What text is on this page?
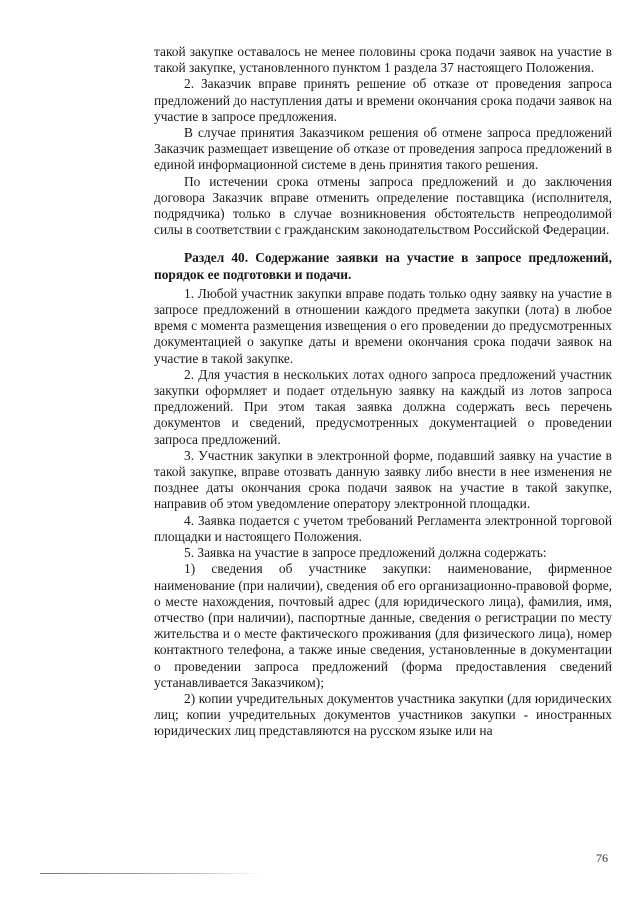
такой закупке оставалось не менее половины срока подачи заявок на участие в такой закупке, установленного пунктом 1 раздела 37 настоящего Положения.

2. Заказчик вправе принять решение об отказе от проведения запроса предложений до наступления даты и времени окончания срока подачи заявок на участие в запросе предложения.

В случае принятия Заказчиком решения об отмене запроса предложений Заказчик размещает извещение об отказе от проведения запроса предложений в единой информационной системе в день принятия такого решения.

По истечении срока отмены запроса предложений и до заключения договора Заказчик вправе отменить определение поставщика (исполнителя, подрядчика) только в случае возникновения обстоятельств непреодолимой силы в соответствии с гражданским законодательством Российской Федерации.

Раздел 40. Содержание заявки на участие в запросе предложений, порядок ее подготовки и подачи.

1. Любой участник закупки вправе подать только одну заявку на участие в запросе предложений в отношении каждого предмета закупки (лота) в любое время с момента размещения извещения о его проведении до предусмотренных документацией о закупке даты и времени окончания срока подачи заявок на участие в такой закупке.

2. Для участия в нескольких лотах одного запроса предложений участник закупки оформляет и подает отдельную заявку на каждый из лотов запроса предложений. При этом такая заявка должна содержать весь перечень документов и сведений, предусмотренных документацией о проведении запроса предложений.

3. Участник закупки в электронной форме, подавший заявку на участие в такой закупке, вправе отозвать данную заявку либо внести в нее изменения не позднее даты окончания срока подачи заявок на участие в такой закупке, направив об этом уведомление оператору электронной площадки.

4. Заявка подается с учетом требований Регламента электронной торговой площадки и настоящего Положения.

5. Заявка на участие в запросе предложений должна содержать:

1) сведения об участнике закупки: наименование, фирменное наименование (при наличии), сведения об его организационно-правовой форме, о месте нахождения, почтовый адрес (для юридического лица), фамилия, имя, отчество (при наличии), паспортные данные, сведения о регистрации по месту жительства и о месте фактического проживания (для физического лица), номер контактного телефона, а также иные сведения, установленные в документации о проведении запроса предложений (форма предоставления сведений устанавливается Заказчиком);

2) копии учредительных документов участника закупки (для юридических лиц; копии учредительных документов участников закупки - иностранных юридических лиц представляются на русском языке или на

76
